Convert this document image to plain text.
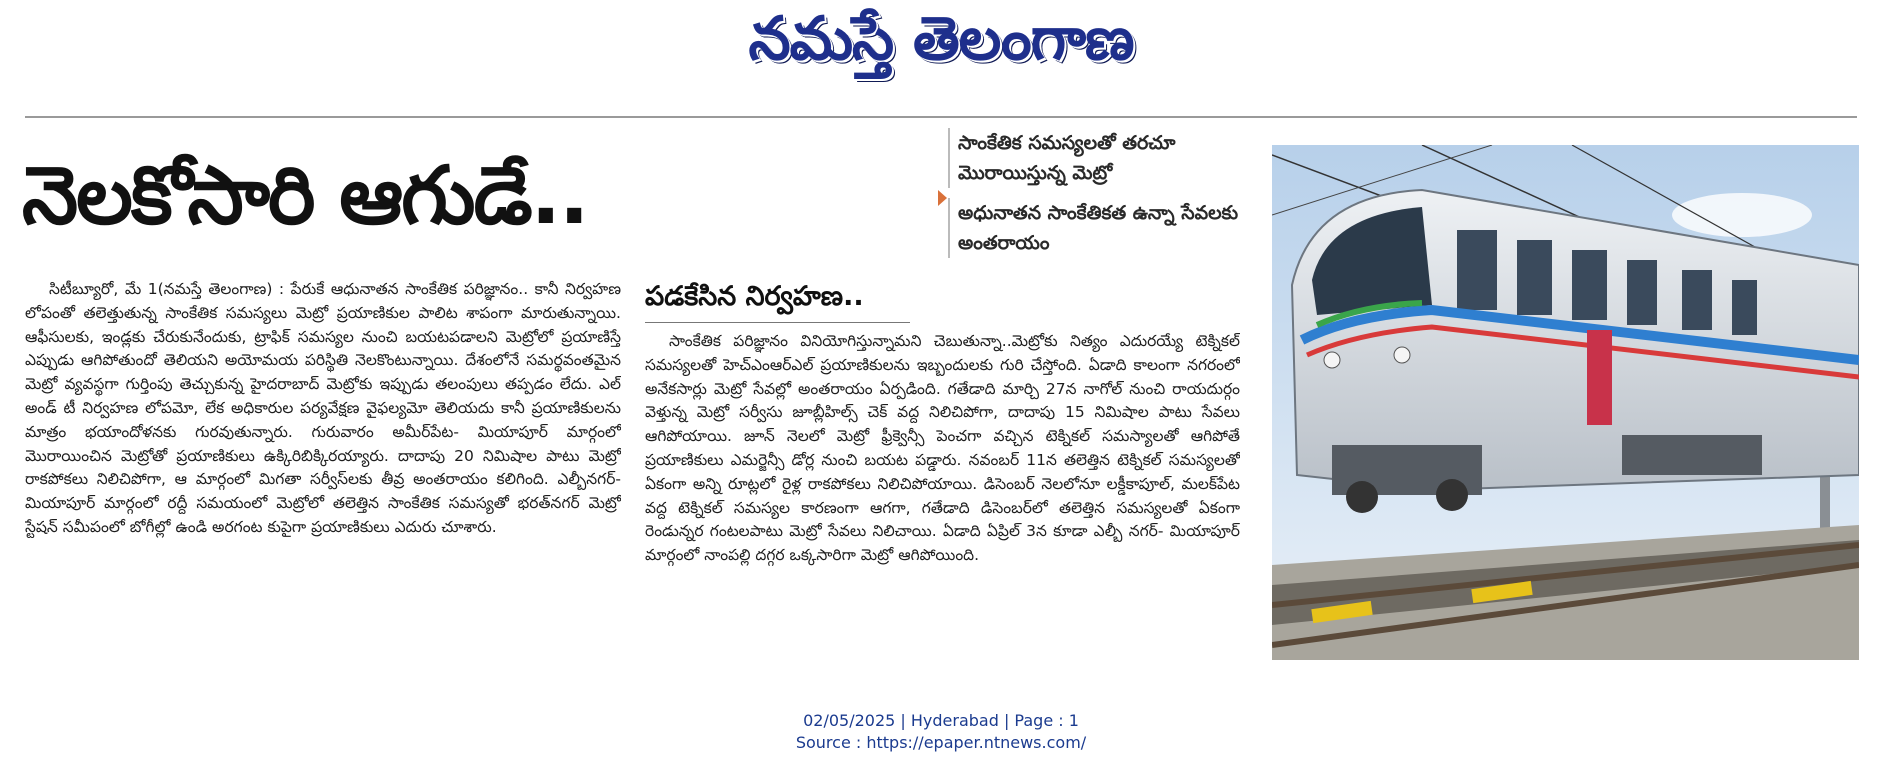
నమస్తే తెలంగాణ
నెలకోసారి ఆగుడే..
సాంకేతిక సమస్యలతో తరచూ మొరాయిస్తున్న మెట్రో
అధునాతన సాంకేతికత ఉన్నా సేవలకు అంతరాయం

సిటీబ్యూరో, మే 1(నమస్తే తెలంగాణ) : పేరుకే ఆధునాతన సాంకేతిక పరిజ్ఞానం.. కానీ నిర్వహణ లోపంతో తలెత్తుతున్న సాంకేతిక సమస్యలు మెట్రో ప్రయాణికుల పాలిట శాపంగా మారుతున్నాయి. ఆఫీసులకు, ఇండ్లకు చేరుకునేందుకు, ట్రాఫిక్‌ సమస్యల నుంచి బయటపడాలని మెట్రోలో ప్రయాణిస్తే ఎప్పుడు ఆగిపోతుందో తెలియని అయోమయ పరిస్థితి నెలకొంటున్నాయి. దేశంలోనే సమర్థవంతమైన మెట్రో వ్యవస్థగా గుర్తింపు తెచ్చుకున్న హైదరాబాద్‌ మెట్రోకు ఇప్పుడు తలంపులు తప్పడం లేదు. ఎల్‌ అండ్‌ టీ నిర్వహణ లోపమో, లేక అధికారుల పర్యవేక్షణ వైఫల్యమో తెలియదు కానీ ప్రయాణికులను మాత్రం భయాందోళనకు గురవుతున్నారు. గురువారం అమీర్‌పేట- మియాపూర్‌ మార్గంలో మొరాయించిన మెట్రోతో ప్రయాణికులు ఉక్కిరిబిక్కిరయ్యారు. దాదాపు 20 నిమిషాల పాటు మెట్రో రాకపోకలు నిలిచిపోగా, ఆ మార్గంలో మిగతా సర్వీస్‌లకు తీవ్ర అంతరాయం కలిగింది. ఎల్బీనగర్‌-మియాపూర్‌ మార్గంలో రద్దీ సమయంలో మెట్రోలో తలెత్తిన సాంకేతిక సమస్యతో భరత్‌నగర్‌ మెట్రో స్టేషన్‌ సమీపంలో బోగీల్లో ఉండి అరగంట కుపైగా ప్రయాణికులు ఎదురు చూశారు.

పడకేసిన నిర్వహణ..

సాంకేతిక పరిజ్ఞానం వినియోగిస్తున్నామని చెబుతున్నా..మెట్రోకు నిత్యం ఎదురయ్యే టెక్నికల్‌ సమస్యలతో హెచ్‌ఎంఆర్‌ఎల్‌ ప్రయాణికులను ఇబ్బందులకు గురి చేస్తోంది. ఏడాది కాలంగా నగరంలో అనేకసార్లు మెట్రో సేవల్లో అంతరాయం ఏర్పడింది. గతేడాది మార్చి 27న నాగోల్‌ నుంచి రాయదుర్గం వెళ్తున్న మెట్రో సర్వీసు జూబ్లీహిల్స్‌ చెక్‌ వద్ద నిలిచిపోగా, దాదాపు 15 నిమిషాల పాటు సేవలు ఆగిపోయాయి. జూన్‌ నెలలో మెట్రో ఫ్రీక్వెన్సీ పెంచగా వచ్చిన టెక్నికల్‌ సమస్యాలతో ఆగిపోతే ప్రయాణికులు ఎమర్జెన్సీ డోర్ల నుంచి బయట పడ్డారు. నవంబర్‌ 11న తలెత్తిన టెక్నికల్‌ సమస్యలతో ఏకంగా అన్ని రూట్లలో రైళ్ల రాకపోకలు నిలిచిపోయాయి. డిసెంబర్‌ నెలలోనూ లక్డీకాపూల్‌, మలక్‌పేట వద్ద టెక్నికల్‌ సమస్యల కారణంగా ఆగగా, గతేడాది డిసెంబర్‌లో తలెత్తిన సమస్యలతో ఏకంగా రెండున్నర గంటలపాటు మెట్రో సేవలు నిలిచాయి. ఏడాది ఏప్రిల్‌ 3న కూడా ఎల్బీ నగర్‌- మియాపూర్‌ మార్గంలో నాంపల్లి దగ్గర ఒక్కసారిగా మెట్రో ఆగిపోయింది.

02/05/2025 | Hyderabad | Page : 1
Source : https://epaper.ntnews.com/
